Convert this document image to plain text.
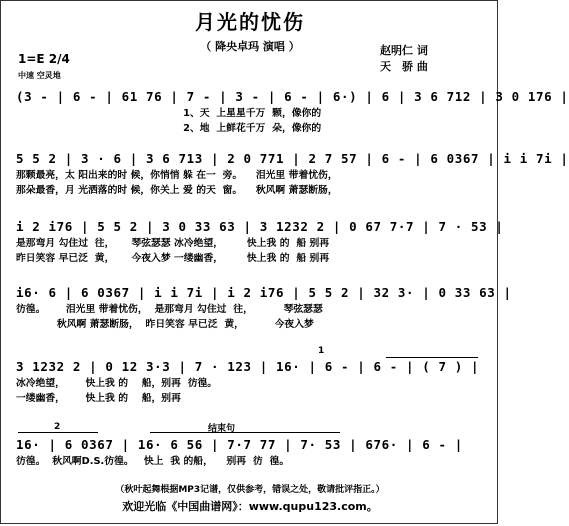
月光的忧伤
（ 降央卓玛 演唱 ）	赵明仁 词
天　骄 曲
1=E 2/4
中速 空灵地
(3 - | 6 - | 61 76 | 7 - | 3 - | 6 - | 6·) | 6 | 3 6 712 | 3 0 176 |
1、天  上星星千万  颗，像你的
2、地  上鲜花千万  朵，像你的
5 5 2 | 3 · 6 | 3 6 713 | 2 0 771 | 2 7 57 | 6 - | 6 0367 | i i 7i |
那颗最亮，太 阳出来的时 候，你悄悄 躲 在一  旁。    泪光里 带着忧伤，
那朵最香，月 光洒落的时 候，你关上 爱 的天  窗。    秋风啊 萧瑟断肠，
i 2 i76 | 5 5 2 | 3 0 33 63 | 3 1232 2 | 0 67 7·7 | 7 · 53 |
是那弯月 勾住过  往，     琴弦瑟瑟 冰冷绝望，       快上我 的  船 别再
昨日笑容 早已泛  黄，     今夜入梦 一缕幽香，       快上我 的  船 别再
i6· 6 | 6 0367 | i i 7i | i 2 i76 | 5 5 2 | 32 3· | 0 33 63 |
彷徨。      泪光里 带着忧伤，  是那弯月 勾住过  往，         琴弦瑟瑟
秋风啊 萧瑟断肠，  昨日笑容 早已泛  黄，         今夜入梦
1
3 1232 2 | 0 12 3·3 | 7 · 123 | 16· | 6 - | 6 - | ( 7 ) |
冰冷绝望，      快上我 的    船，别再  彷徨。
一缕幽香，      快上我 的    船，别再
2	结束句
16· | 6 0367 | 16· 6 56 | 7·7 77 | 7· 53 | 676· | 6 - |
彷徨。  秋风啊D.S.彷徨。   快上  我 的船，    别再  彷  徨。
（秋叶起舞根据MP3记谱，仅供参考，错误之处，敬请批评指正。）
欢迎光临《中国曲谱网》：www.qupu123.com。
